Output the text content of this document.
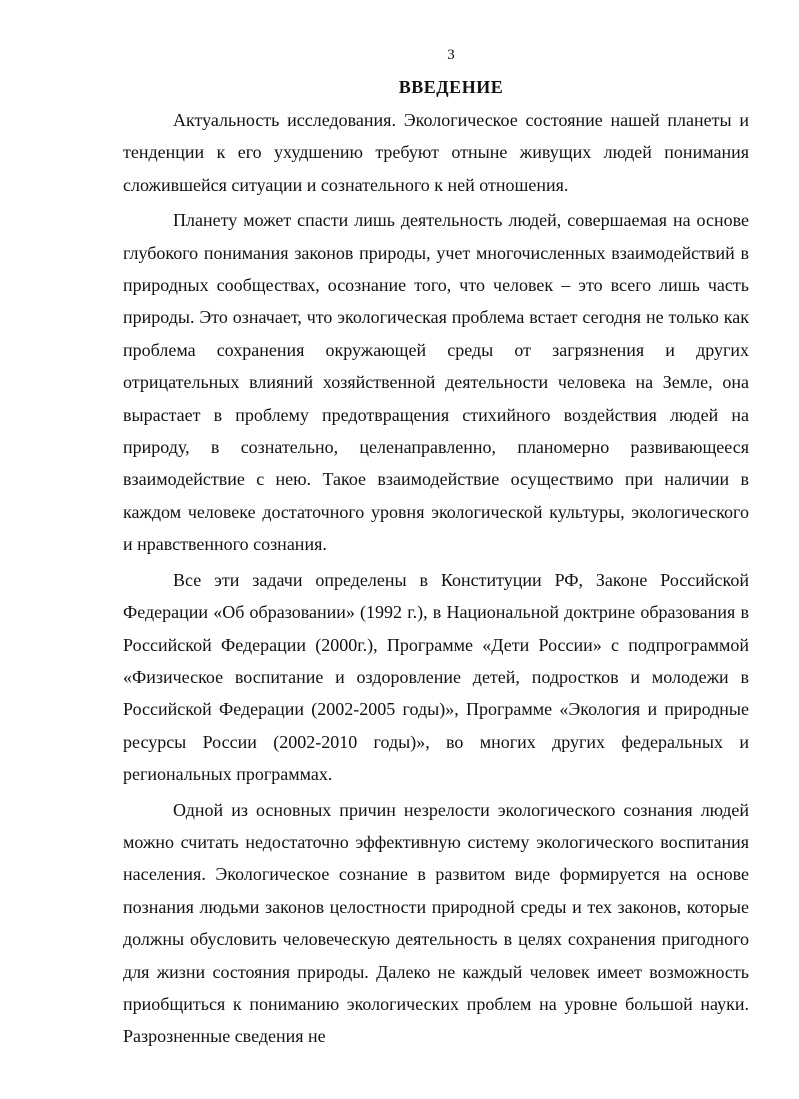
3
ВВЕДЕНИЕ

Актуальность исследования. Экологическое состояние нашей планеты и тенденции к его ухудшению требуют отныне живущих людей понимания сложившейся ситуации и сознательного к ней отношения.

Планету может спасти лишь деятельность людей, совершаемая на основе глубокого понимания законов природы, учет многочисленных взаимодействий в природных сообществах, осознание того, что человек – это всего лишь часть природы. Это означает, что экологическая проблема встает сегодня не только как проблема сохранения окружающей среды от загрязнения и других отрицательных влияний хозяйственной деятельности человека на Земле, она вырастает в проблему предотвращения стихийного воздействия людей на природу, в сознательно, целенаправленно, планомерно развивающееся взаимодействие с нею. Такое взаимодействие осуществимо при наличии в каждом человеке достаточного уровня экологической культуры, экологического и нравственного сознания.

Все эти задачи определены в Конституции РФ, Законе Российской Федерации «Об образовании» (1992 г.), в Национальной доктрине образования в Российской Федерации (2000г.), Программе «Дети России» с подпрограммой «Физическое воспитание и оздоровление детей, подростков и молодежи в Российской Федерации (2002-2005 годы)», Программе «Экология и природные ресурсы России (2002-2010 годы)», во многих других федеральных и региональных программах.

Одной из основных причин незрелости экологического сознания людей можно считать недостаточно эффективную систему экологического воспитания населения. Экологическое сознание в развитом виде формируется на основе познания людьми законов целостности природной среды и тех законов, которые должны обусловить человеческую деятельность в целях сохранения пригодного для жизни состояния природы. Далеко не каждый человек имеет возможность приобщиться к пониманию экологических проблем на уровне большой науки. Разрозненные сведения не
